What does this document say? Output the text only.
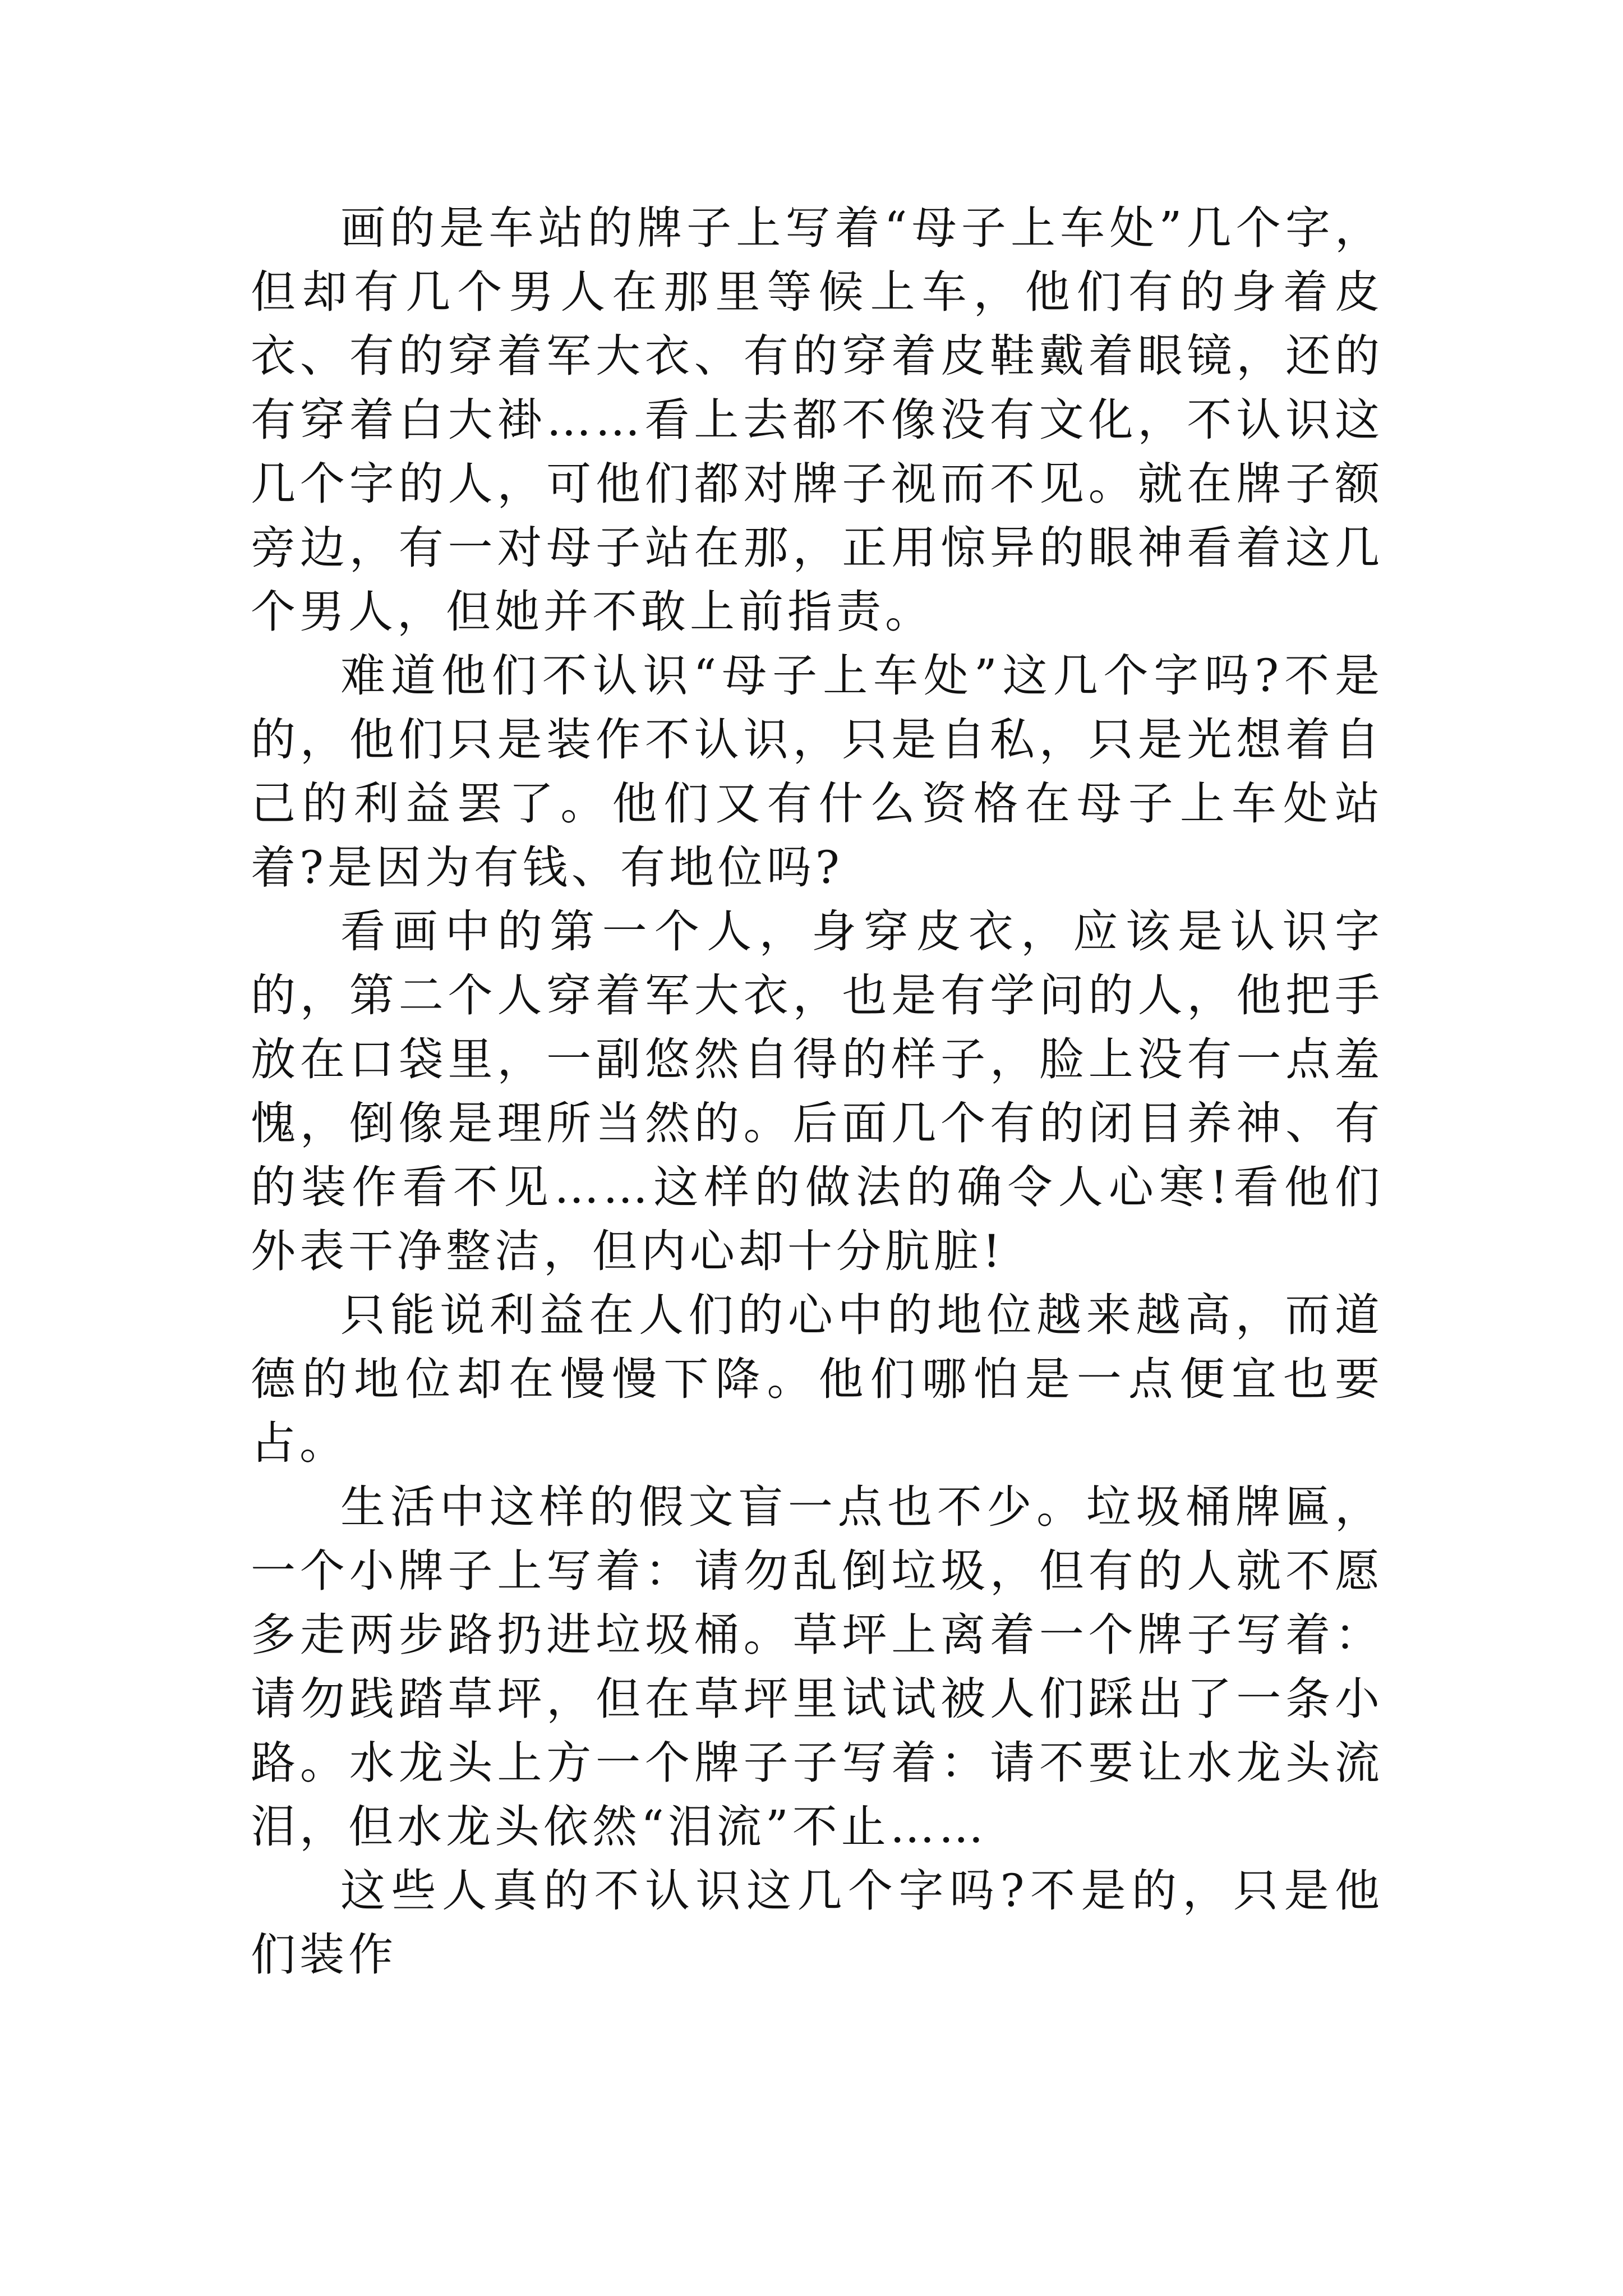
画的是车站的牌子上写着“母子上车处”几个字，但却有几个男人在那里等候上车，他们有的身着皮衣、有的穿着军大衣、有的穿着皮鞋戴着眼镜，还的有穿着白大褂……看上去都不像没有文化，不认识这几个字的人，可他们都对牌子视而不见。就在牌子额旁边，有一对母子站在那，正用惊异的眼神看着这几个男人，但她并不敢上前指责。

难道他们不认识“母子上车处”这几个字吗?不是的，他们只是装作不认识，只是自私，只是光想着自己的利益罢了。他们又有什么资格在母子上车处站着?是因为有钱、有地位吗?

看画中的第一个人，身穿皮衣，应该是认识字的，第二个人穿着军大衣，也是有学问的人，他把手放在口袋里，一副悠然自得的样子，脸上没有一点羞愧，倒像是理所当然的。后面几个有的闭目养神、有的装作看不见……这样的做法的确令人心寒!看他们外表干净整洁，但内心却十分肮脏!

只能说利益在人们的心中的地位越来越高，而道德的地位却在慢慢下降。他们哪怕是一点便宜也要占。

生活中这样的假文盲一点也不少。垃圾桶牌匾，一个小牌子上写着：请勿乱倒垃圾，但有的人就不愿多走两步路扔进垃圾桶。草坪上离着一个牌子写着：请勿践踏草坪，但在草坪里试试被人们踩出了一条小路。水龙头上方一个牌子子写着：请不要让水龙头流泪，但水龙头依然“泪流”不止……

这些人真的不认识这几个字吗?不是的，只是他们装作
